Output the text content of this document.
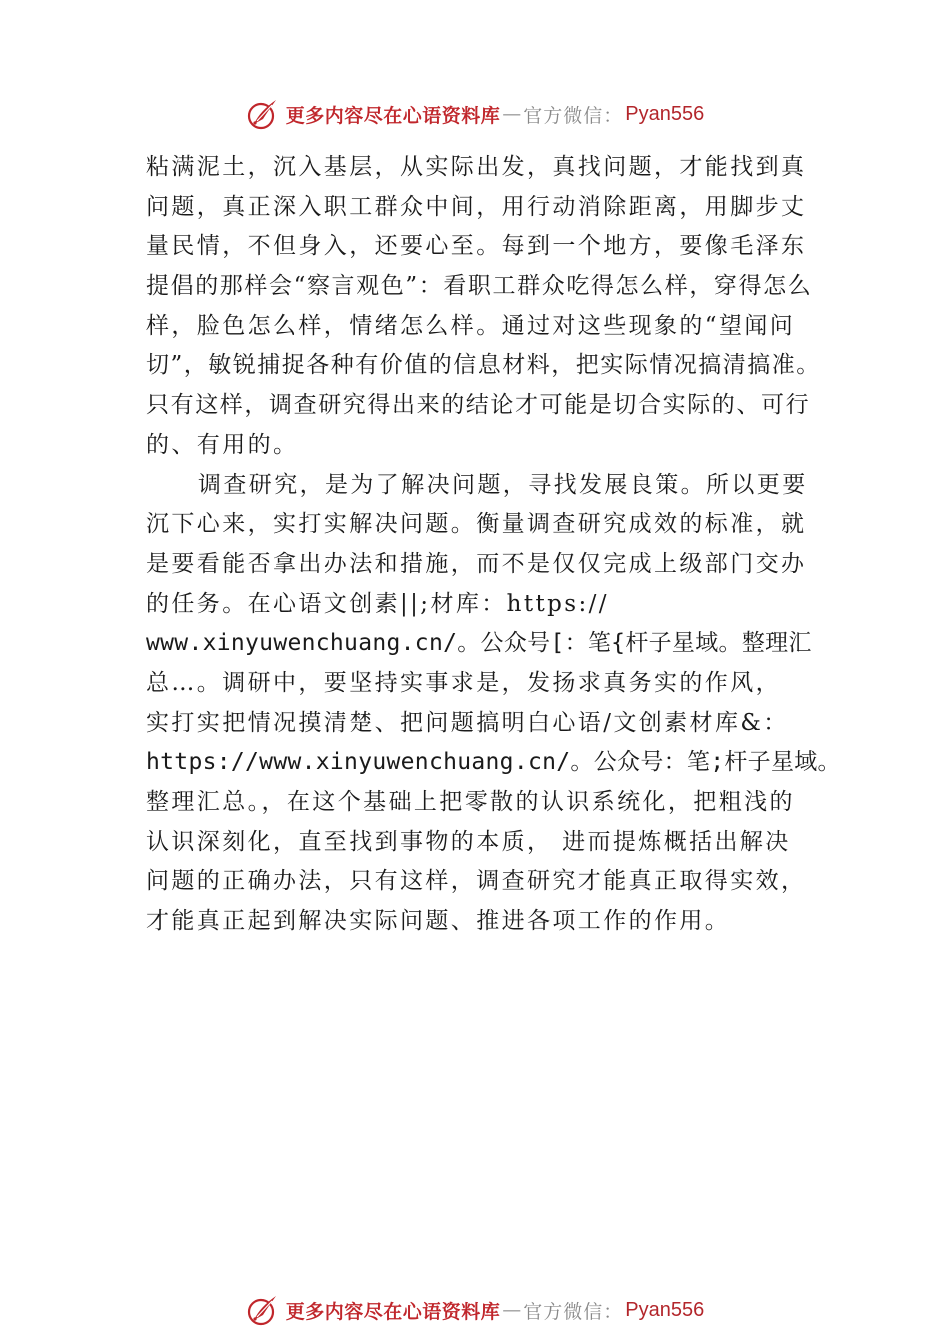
更多内容尽在心语资料库 — 官方微信： Pyan556
粘满泥土，沉入基层，从实际出发，真找问题，才能找到真
问题，真正深入职工群众中间，用行动消除距离，用脚步丈
量民情，不但身入，还要心至。每到一个地方，要像毛泽东
提倡的那样会“察言观色”：看职工群众吃得怎么样，穿得怎么
样，脸色怎么样，情绪怎么样。通过对这些现象的“望闻问
切”，敏锐捕捉各种有价值的信息材料，把实际情况搞清搞准。
只有这样，调查研究得出来的结论才可能是切合实际的、可行
的、有用的。
调查研究，是为了解决问题，寻找发展良策。所以更要
沉下心来，实打实解决问题。衡量调查研究成效的标准，就
是要看能否拿出办法和措施，而不是仅仅完成上级部门交办
的任务。在心语文创素||;材库：https://
www.xinyuwenchuang.cn/。公众号[：笔{杆子星域。整理汇
总…。调研中，要坚持实事求是，发扬求真务实的作风，
实打实把情况摸清楚、把问题搞明白心语/文创素材库&：
https://www.xinyuwenchuang.cn/。公众号：笔;杆子星域。
整理汇总。，在这个基础上把零散的认识系统化，把粗浅的
认识深刻化，直至找到事物的本质， 进而提炼概括出解决
问题的正确办法，只有这样，调查研究才能真正取得实效，
才能真正起到解决实际问题、推进各项工作的作用。
更多内容尽在心语资料库 — 官方微信： Pyan556
